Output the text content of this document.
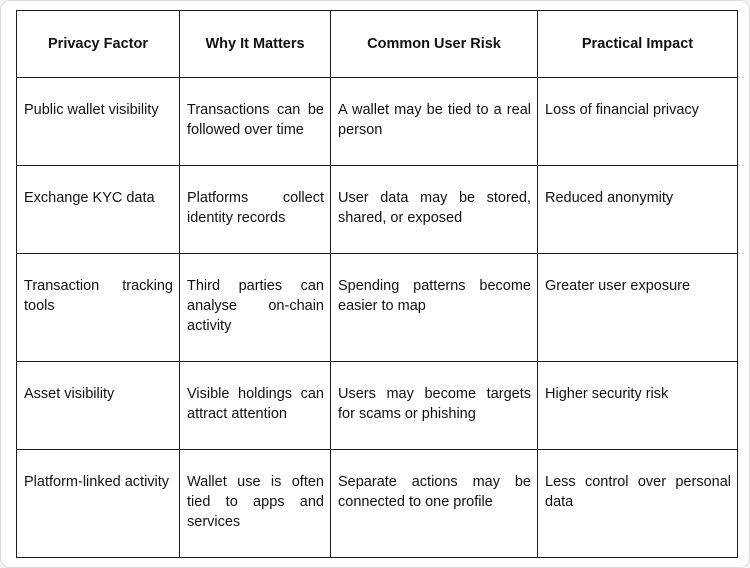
Privacy Factor	Why It Matters	Common User Risk	Practical Impact
Public wallet visibility	Transactions can be followed over time	A wallet may be tied to a real person	Loss of financial privacy
Exchange KYC data	Platforms collect identity records	User data may be stored, shared, or exposed	Reduced anonymity
Transaction tracking tools	Third parties can analyse on-chain activity	Spending patterns become easier to map	Greater user exposure
Asset visibility	Visible holdings can attract attention	Users may become targets for scams or phishing	Higher security risk
Platform-linked activity	Wallet use is often tied to apps and services	Separate actions may be connected to one profile	Less control over personal data
